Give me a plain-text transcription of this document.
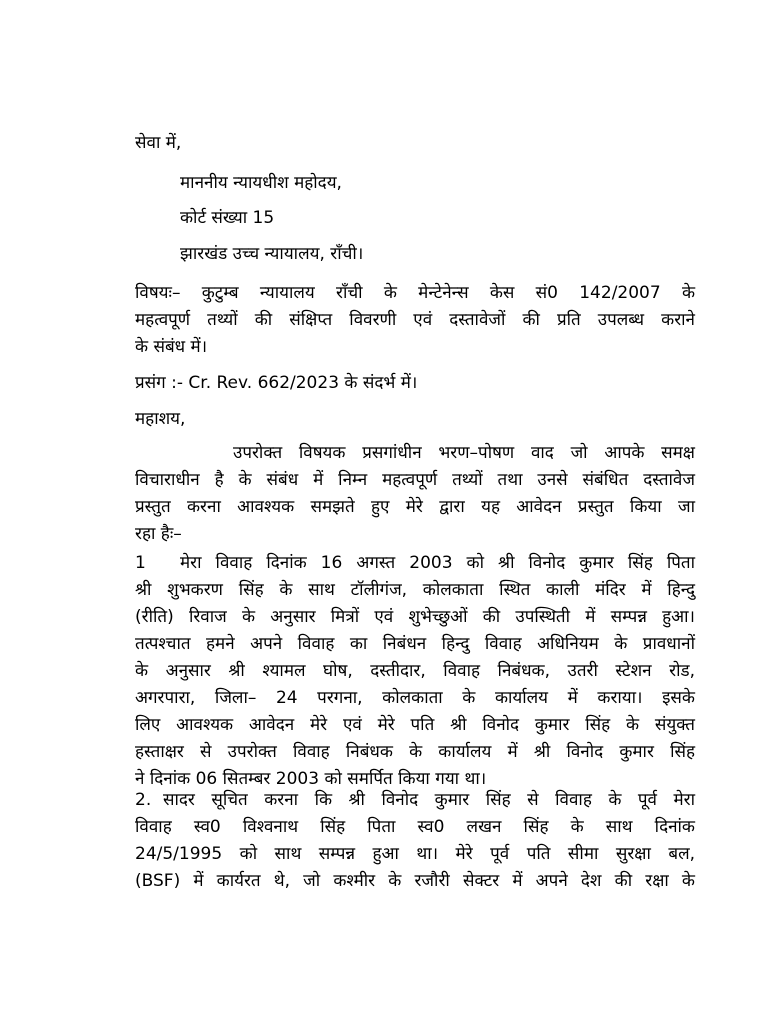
सेवा में,
माननीय न्यायधीश महोदय,
कोर्ट संख्या 15
झारखंड उच्च न्यायालय, राँची।
विषयः– कुटुम्ब न्यायालय राँची के मेन्टेनेन्स केस सं0 142/2007 के
महत्वपूर्ण तथ्यों की संक्षिप्त विवरणी एवं दस्तावेजों की प्रति उपलब्ध कराने
के संबंध में।
प्रसंग :- Cr. Rev. 662/2023 के संदर्भ में।
महाशय,
उपरोक्त विषयक प्रसगांधीन भरण–पोषण वाद जो आपके समक्ष
विचाराधीन है के संबंध में निम्न महत्वपूर्ण तथ्यों तथा उनसे संबंधित दस्तावेज
प्रस्तुत करना आवश्यक समझते हुए मेरे द्वारा यह आवेदन प्रस्तुत किया जा
रहा हैः–
1 मेरा विवाह दिनांक 16 अगस्त 2003 को श्री विनोद कुमार सिंह पिता
श्री शुभकरण सिंह के साथ टॉलीगंज, कोलकाता स्थित काली मंदिर में हिन्दु
(रीति) रिवाज के अनुसार मित्रों एवं शुभेच्छुओं की उपस्थिती में सम्पन्न हुआ।
तत्पश्चात हमने अपने विवाह का निबंधन हिन्दु विवाह अधिनियम के प्रावधानों
के अनुसार श्री श्यामल घोष, दस्तीदार, विवाह निबंधक, उतरी स्टेशन रोड,
अगरपारा, जिला– 24 परगना, कोलकाता के कार्यालय में कराया। इसके
लिए आवश्यक आवेदन मेरे एवं मेरे पति श्री विनोद कुमार सिंह के संयुक्त
हस्ताक्षर से उपरोक्त विवाह निबंधक के कार्यालय में श्री विनोद कुमार सिंह
ने दिनांक 06 सितम्बर 2003 को समर्पित किया गया था।
2. सादर सूचित करना कि श्री विनोद कुमार सिंह से विवाह के पूर्व मेरा
विवाह स्व0 विश्वनाथ सिंह पिता स्व0 लखन सिंह के साथ दिनांक
24/5/1995 को साथ सम्पन्न हुआ था। मेरे पूर्व पति सीमा सुरक्षा बल,
(BSF) में कार्यरत थे, जो कश्मीर के रजौरी सेक्टर में अपने देश की रक्षा के
